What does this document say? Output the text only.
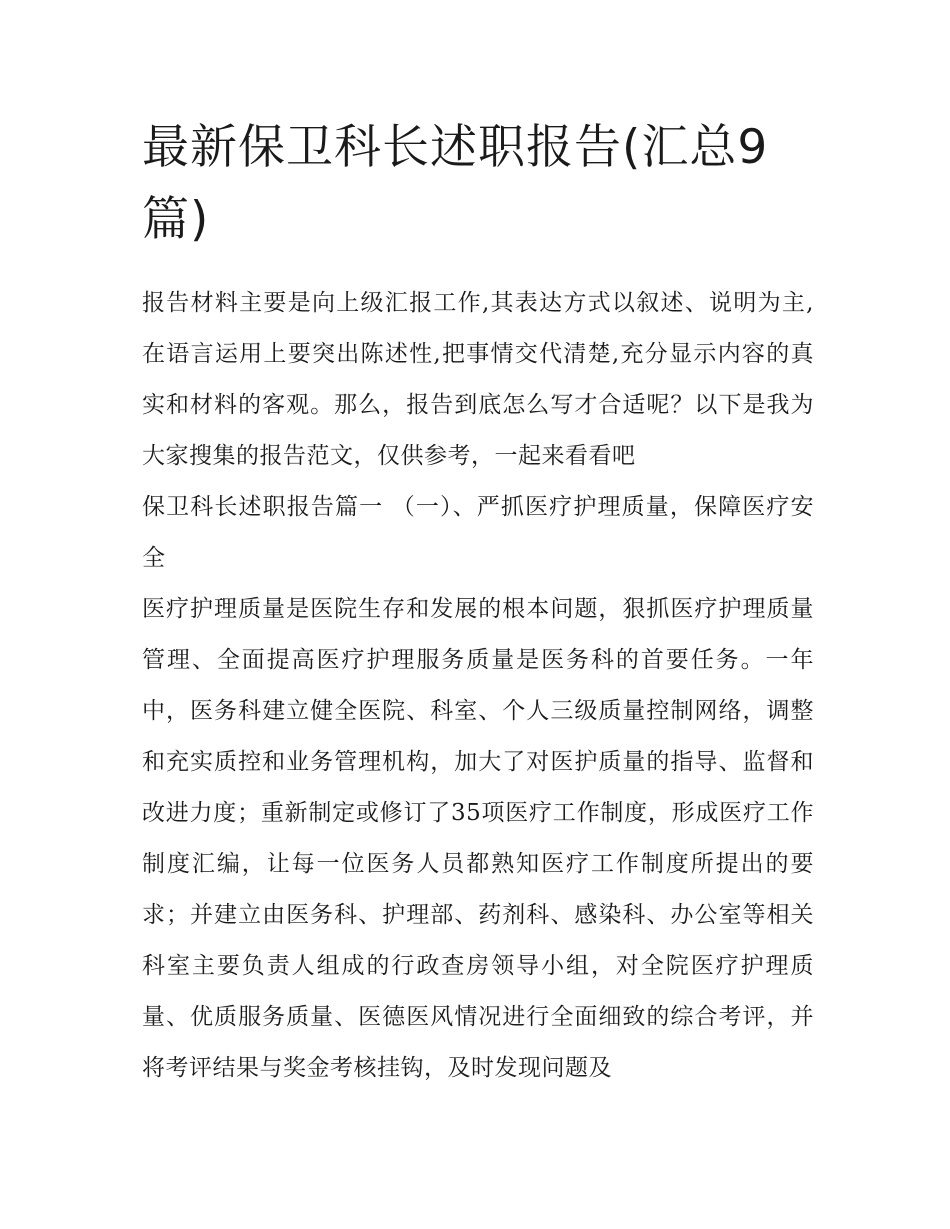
最新保卫科长述职报告(汇总9篇)

报告材料主要是向上级汇报工作,其表达方式以叙述、说明为主,在语言运用上要突出陈述性,把事情交代清楚,充分显示内容的真实和材料的客观。那么，报告到底怎么写才合适呢？以下是我为大家搜集的报告范文，仅供参考，一起来看看吧

保卫科长述职报告篇一 （一）、严抓医疗护理质量，保障医疗安全

医疗护理质量是医院生存和发展的根本问题，狠抓医疗护理质量管理、全面提高医疗护理服务质量是医务科的首要任务。一年中，医务科建立健全医院、科室、个人三级质量控制网络，调整和充实质控和业务管理机构，加大了对医护质量的指导、监督和改进力度；重新制定或修订了35项医疗工作制度，形成医疗工作制度汇编，让每一位医务人员都熟知医疗工作制度所提出的要求；并建立由医务科、护理部、药剂科、感染科、办公室等相关科室主要负责人组成的行政查房领导小组，对全院医疗护理质量、优质服务质量、医德医风情况进行全面细致的综合考评，并将考评结果与奖金考核挂钩，及时发现问题及
